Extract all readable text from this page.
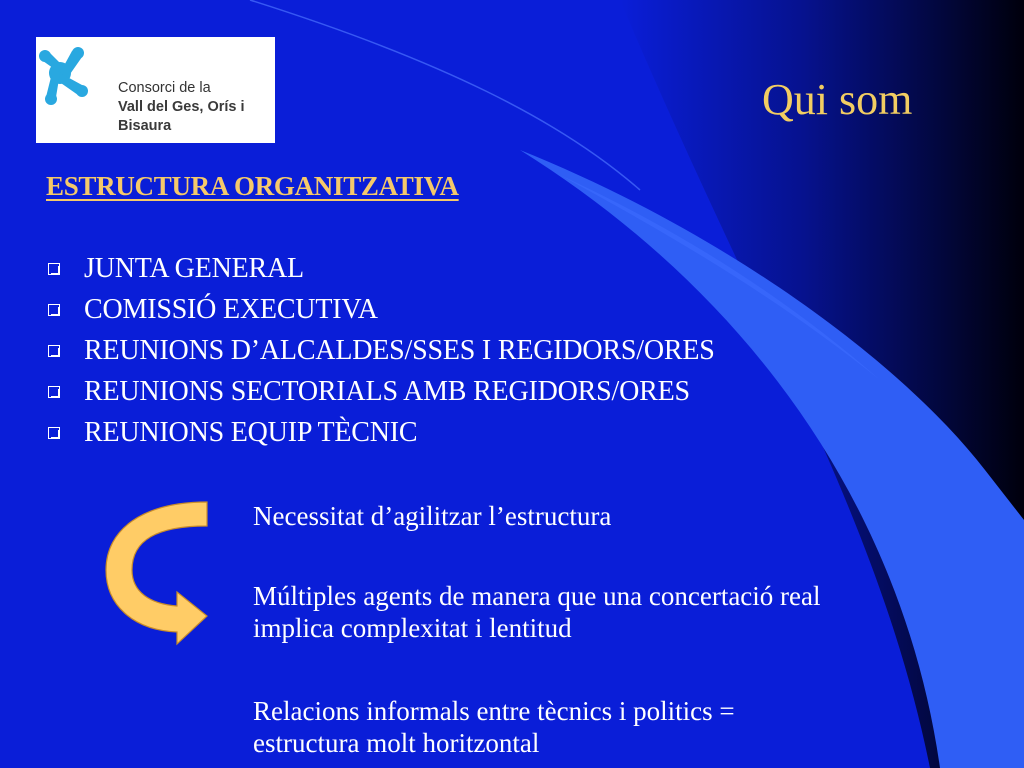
Consorci de la
Vall del Ges, Orís i
Bisaura
Qui som
ESTRUCTURA ORGANITZATIVA
JUNTA GENERAL
COMISSIÓ EXECUTIVA
REUNIONS D’ALCALDES/SSES I REGIDORS/ORES
REUNIONS SECTORIALS AMB REGIDORS/ORES
REUNIONS EQUIP TÈCNIC
Necessitat d’agilitzar l’estructura
Múltiples agents de manera que una concertació real
implica complexitat i lentitud
Relacions informals entre tècnics i politics =
estructura molt horitzontal
